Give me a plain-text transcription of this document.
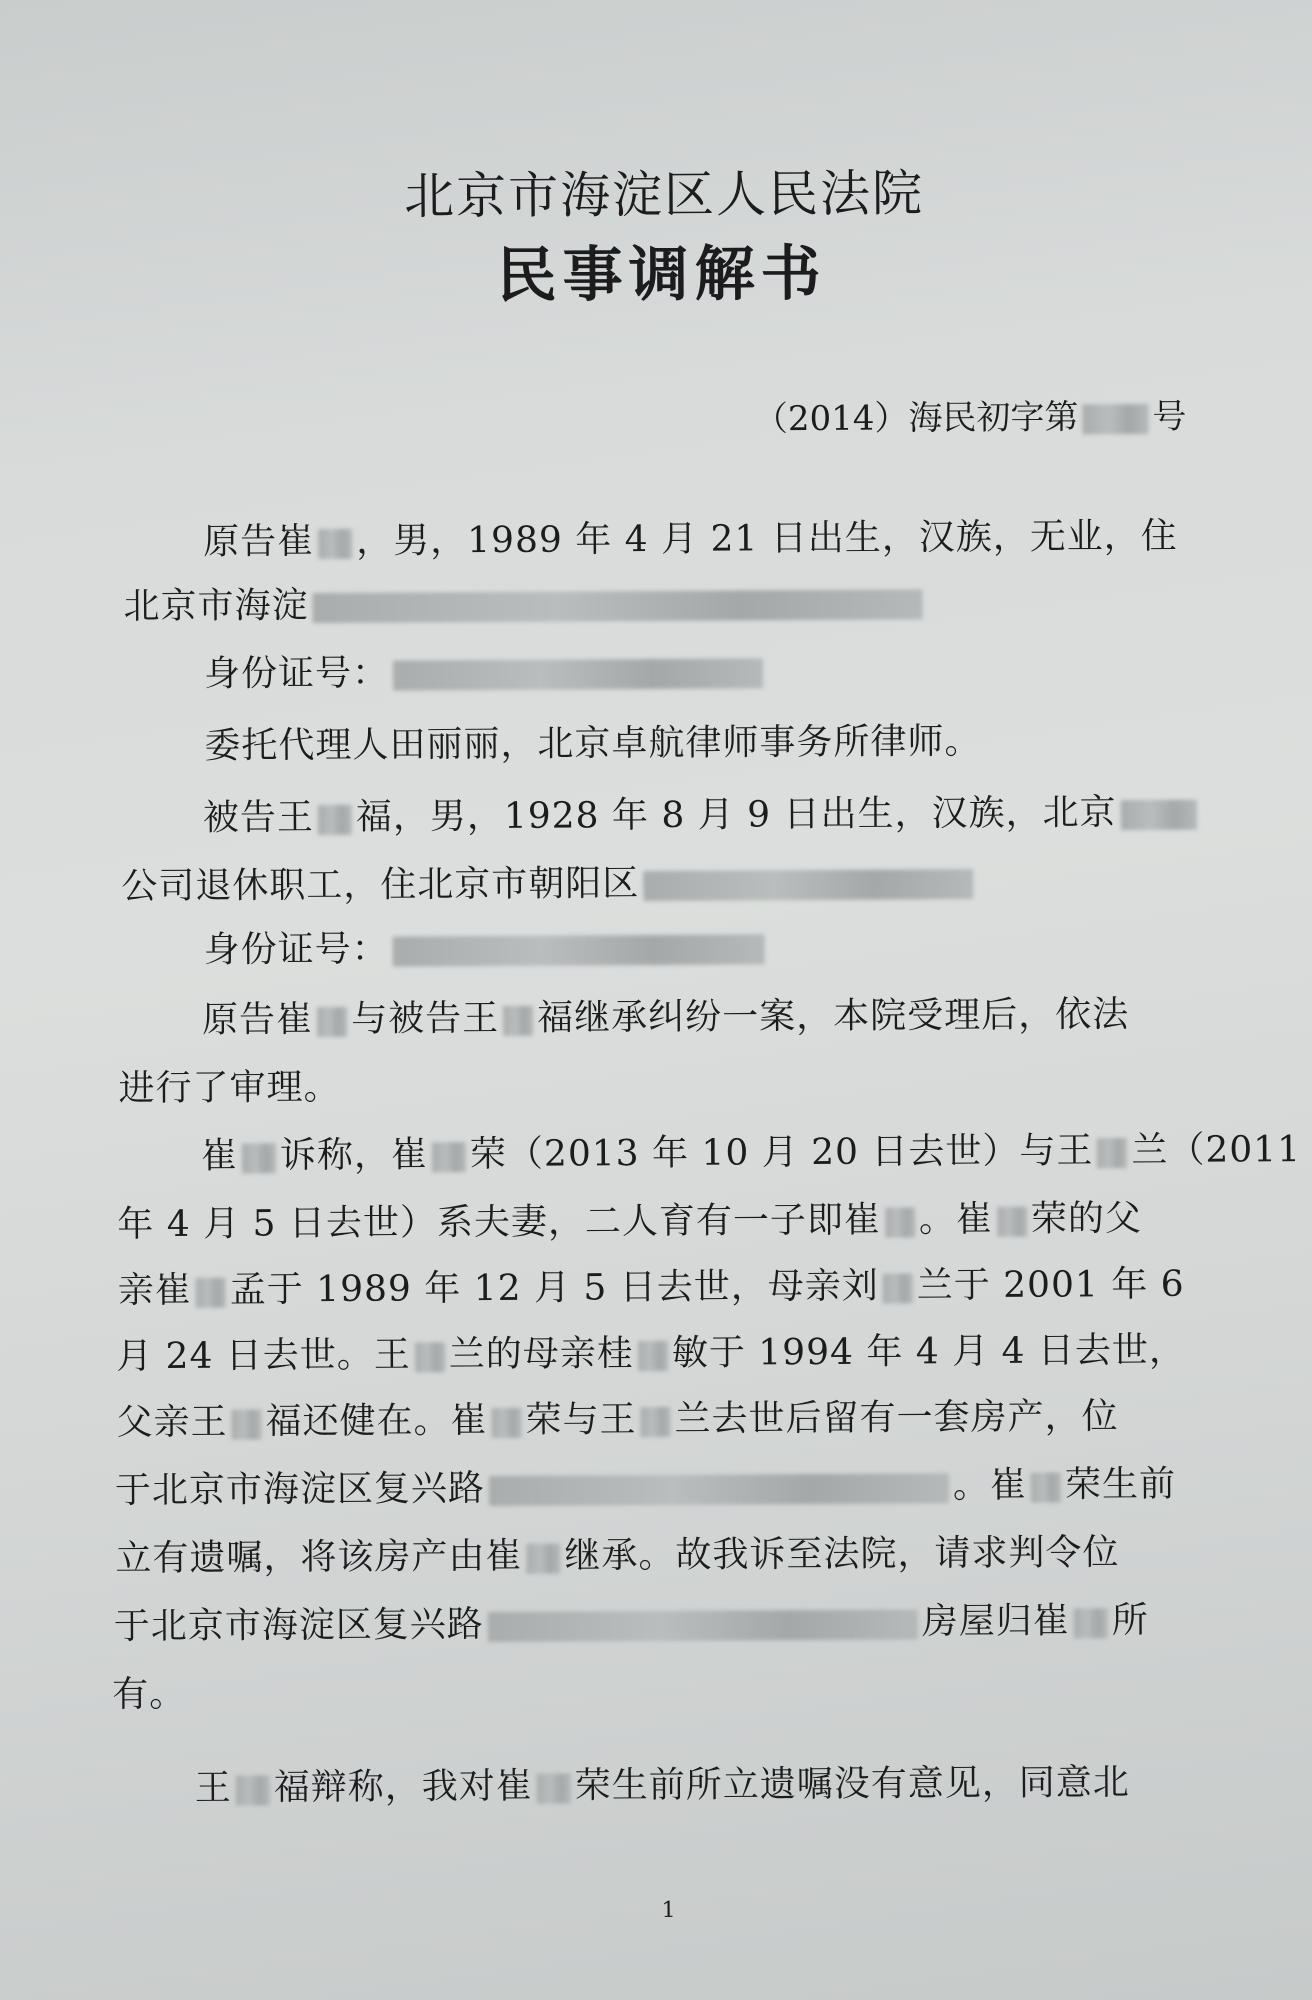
北京市海淀区人民法院
民事调解书
（2014）海民初字第 号
原告崔 ，男，1989 年 4 月 21 日出生，汉族，无业，住
北京市海淀
身份证号：
委托代理人田丽丽，北京卓航律师事务所律师。
被告王 福，男，1928 年 8 月 9 日出生，汉族，北京
公司退休职工，住北京市朝阳区
身份证号：
原告崔 与被告王 福继承纠纷一案，本院受理后，依法
进行了审理。
崔 诉称，崔 荣（2013 年 10 月 20 日去世）与王 兰（2011
年 4 月 5 日去世）系夫妻，二人育有一子即崔 。崔 荣的父
亲崔 孟于 1989 年 12 月 5 日去世，母亲刘 兰于 2001 年 6
月 24 日去世。王 兰的母亲桂 敏于 1994 年 4 月 4 日去世，
父亲王 福还健在。崔 荣与王 兰去世后留有一套房产，位
于北京市海淀区复兴路	。崔 荣生前
立有遗嘱，将该房产由崔 继承。故我诉至法院，请求判令位
于北京市海淀区复兴路	房屋归崔 所
有。
王 福辩称，我对崔 荣生前所立遗嘱没有意见，同意北
1
